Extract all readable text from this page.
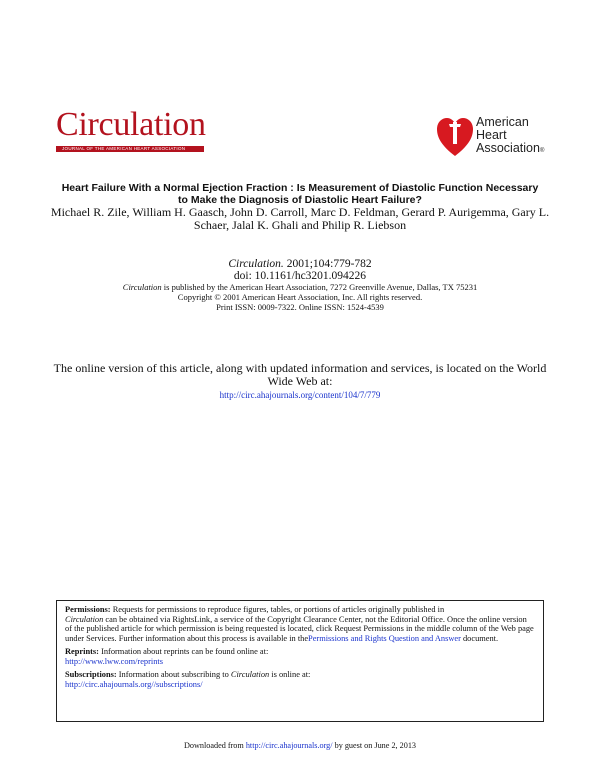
Circulation
JOURNAL OF THE AMERICAN HEART ASSOCIATION
American
Heart
Association®
Heart Failure With a Normal Ejection Fraction : Is Measurement of Diastolic Function Necessary
to Make the Diagnosis of Diastolic Heart Failure?
Michael R. Zile, William H. Gaasch, John D. Carroll, Marc D. Feldman, Gerard P. Aurigemma, Gary L.
Schaer, Jalal K. Ghali and Philip R. Liebson
Circulation. 2001;104:779-782
doi: 10.1161/hc3201.094226
Circulation is published by the American Heart Association, 7272 Greenville Avenue, Dallas, TX 75231
Copyright © 2001 American Heart Association, Inc. All rights reserved.
Print ISSN: 0009-7322. Online ISSN: 1524-4539
The online version of this article, along with updated information and services, is located on the World
Wide Web at:
http://circ.ahajournals.org/content/104/7/779

Permissions: Requests for permissions to reproduce figures, tables, or portions of articles originally published in
Circulation can be obtained via RightsLink, a service of the Copyright Clearance Center, not the Editorial Office. Once the online version of the published article for which permission is being requested is located, click Request Permissions in the middle column of the Web page under Services. Further information about this process is available in thePermissions and Rights Question and Answer document.

Reprints: Information about reprints can be found online at:
http://www.lww.com/reprints

Subscriptions: Information about subscribing to Circulation is online at:
http://circ.ahajournals.org//subscriptions/

Downloaded from http://circ.ahajournals.org/ by guest on June 2, 2013
